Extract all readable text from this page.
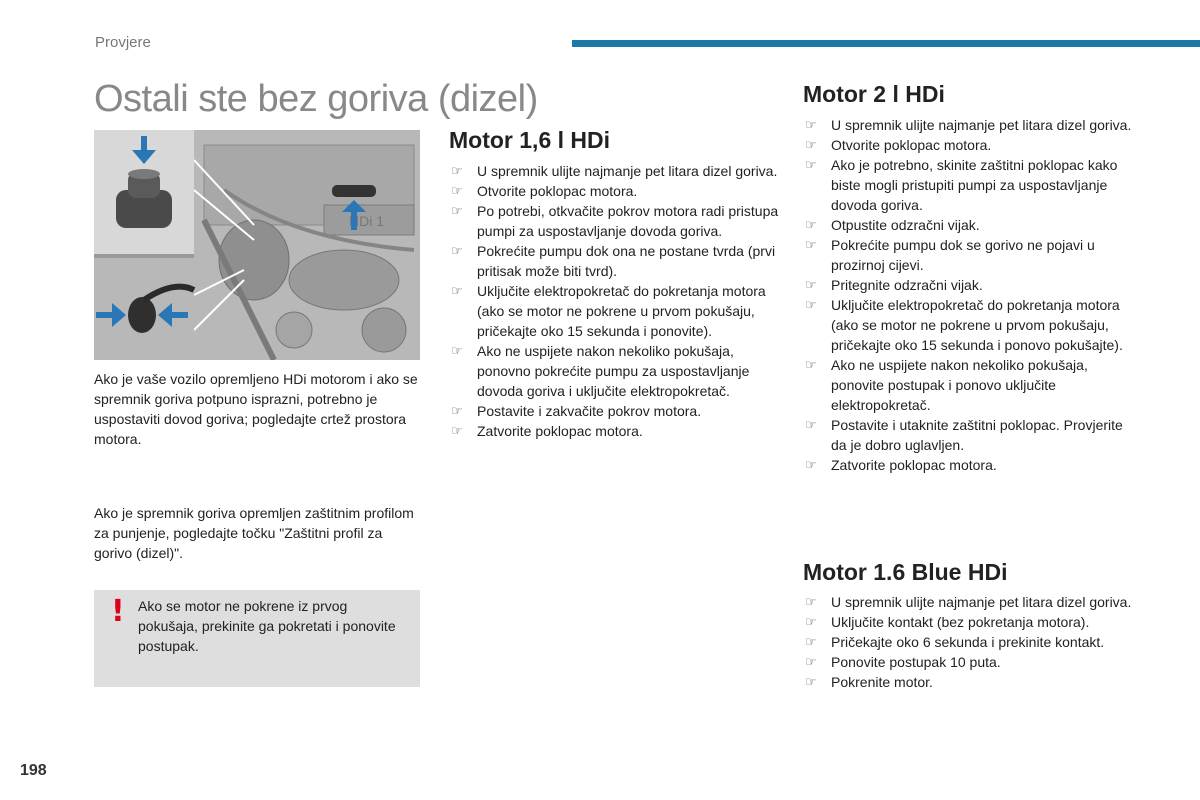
Provjere
Ostali ste bez goriva (dizel)
HDi 1

Ako je vaše vozilo opremljeno HDi motorom i ako se spremnik goriva potpuno isprazni, potrebno je uspostaviti dovod goriva; pogledajte crtež prostora motora.

Ako je spremnik goriva opremljen zaštitnim profilom za punjenje, pogledajte točku "Zaštitni profil za gorivo (dizel)".

! Ako se motor ne pokrene iz prvog pokušaja, prekinite ga pokretati i ponovite postupak.

Motor 1,6 l HDi
☞ U spremnik ulijte najmanje pet litara dizel goriva.
☞ Otvorite poklopac motora.
☞ Po potrebi, otkvačite pokrov motora radi pristupa pumpi za uspostavljanje dovoda goriva.
☞ Pokrećite pumpu dok ona ne postane tvrda (prvi pritisak može biti tvrd).
☞ Uključite elektropokretač do pokretanja motora (ako se motor ne pokrene u prvom pokušaju, pričekajte oko 15 sekunda i ponovite).
☞ Ako ne uspijete nakon nekoliko pokušaja, ponovno pokrećite pumpu za uspostavljanje dovoda goriva i uključite elektropokretač.
☞ Postavite i zakvačite pokrov motora.
☞ Zatvorite poklopac motora.
Motor 2 l HDi
☞ U spremnik ulijte najmanje pet litara dizel goriva.
☞ Otvorite poklopac motora.
☞ Ako je potrebno, skinite zaštitni poklopac kako biste mogli pristupiti pumpi za uspostavljanje dovoda goriva.
☞ Otpustite odzračni vijak.
☞ Pokrećite pumpu dok se gorivo ne pojavi u prozirnoj cijevi.
☞ Pritegnite odzračni vijak.
☞ Uključite elektropokretač do pokretanja motora (ako se motor ne pokrene u prvom pokušaju, pričekajte oko 15 sekunda i ponovo pokušajte).
☞ Ako ne uspijete nakon nekoliko pokušaja, ponovite postupak i ponovo uključite elektropokretač.
☞ Postavite i utaknite zaštitni poklopac. Provjerite da je dobro uglavljen.
☞ Zatvorite poklopac motora.
Motor 1.6 Blue HDi
☞ U spremnik ulijte najmanje pet litara dizel goriva.
☞ Uključite kontakt (bez pokretanja motora).
☞ Pričekajte oko 6 sekunda i prekinite kontakt.
☞ Ponovite postupak 10 puta.
☞ Pokrenite motor.
198
